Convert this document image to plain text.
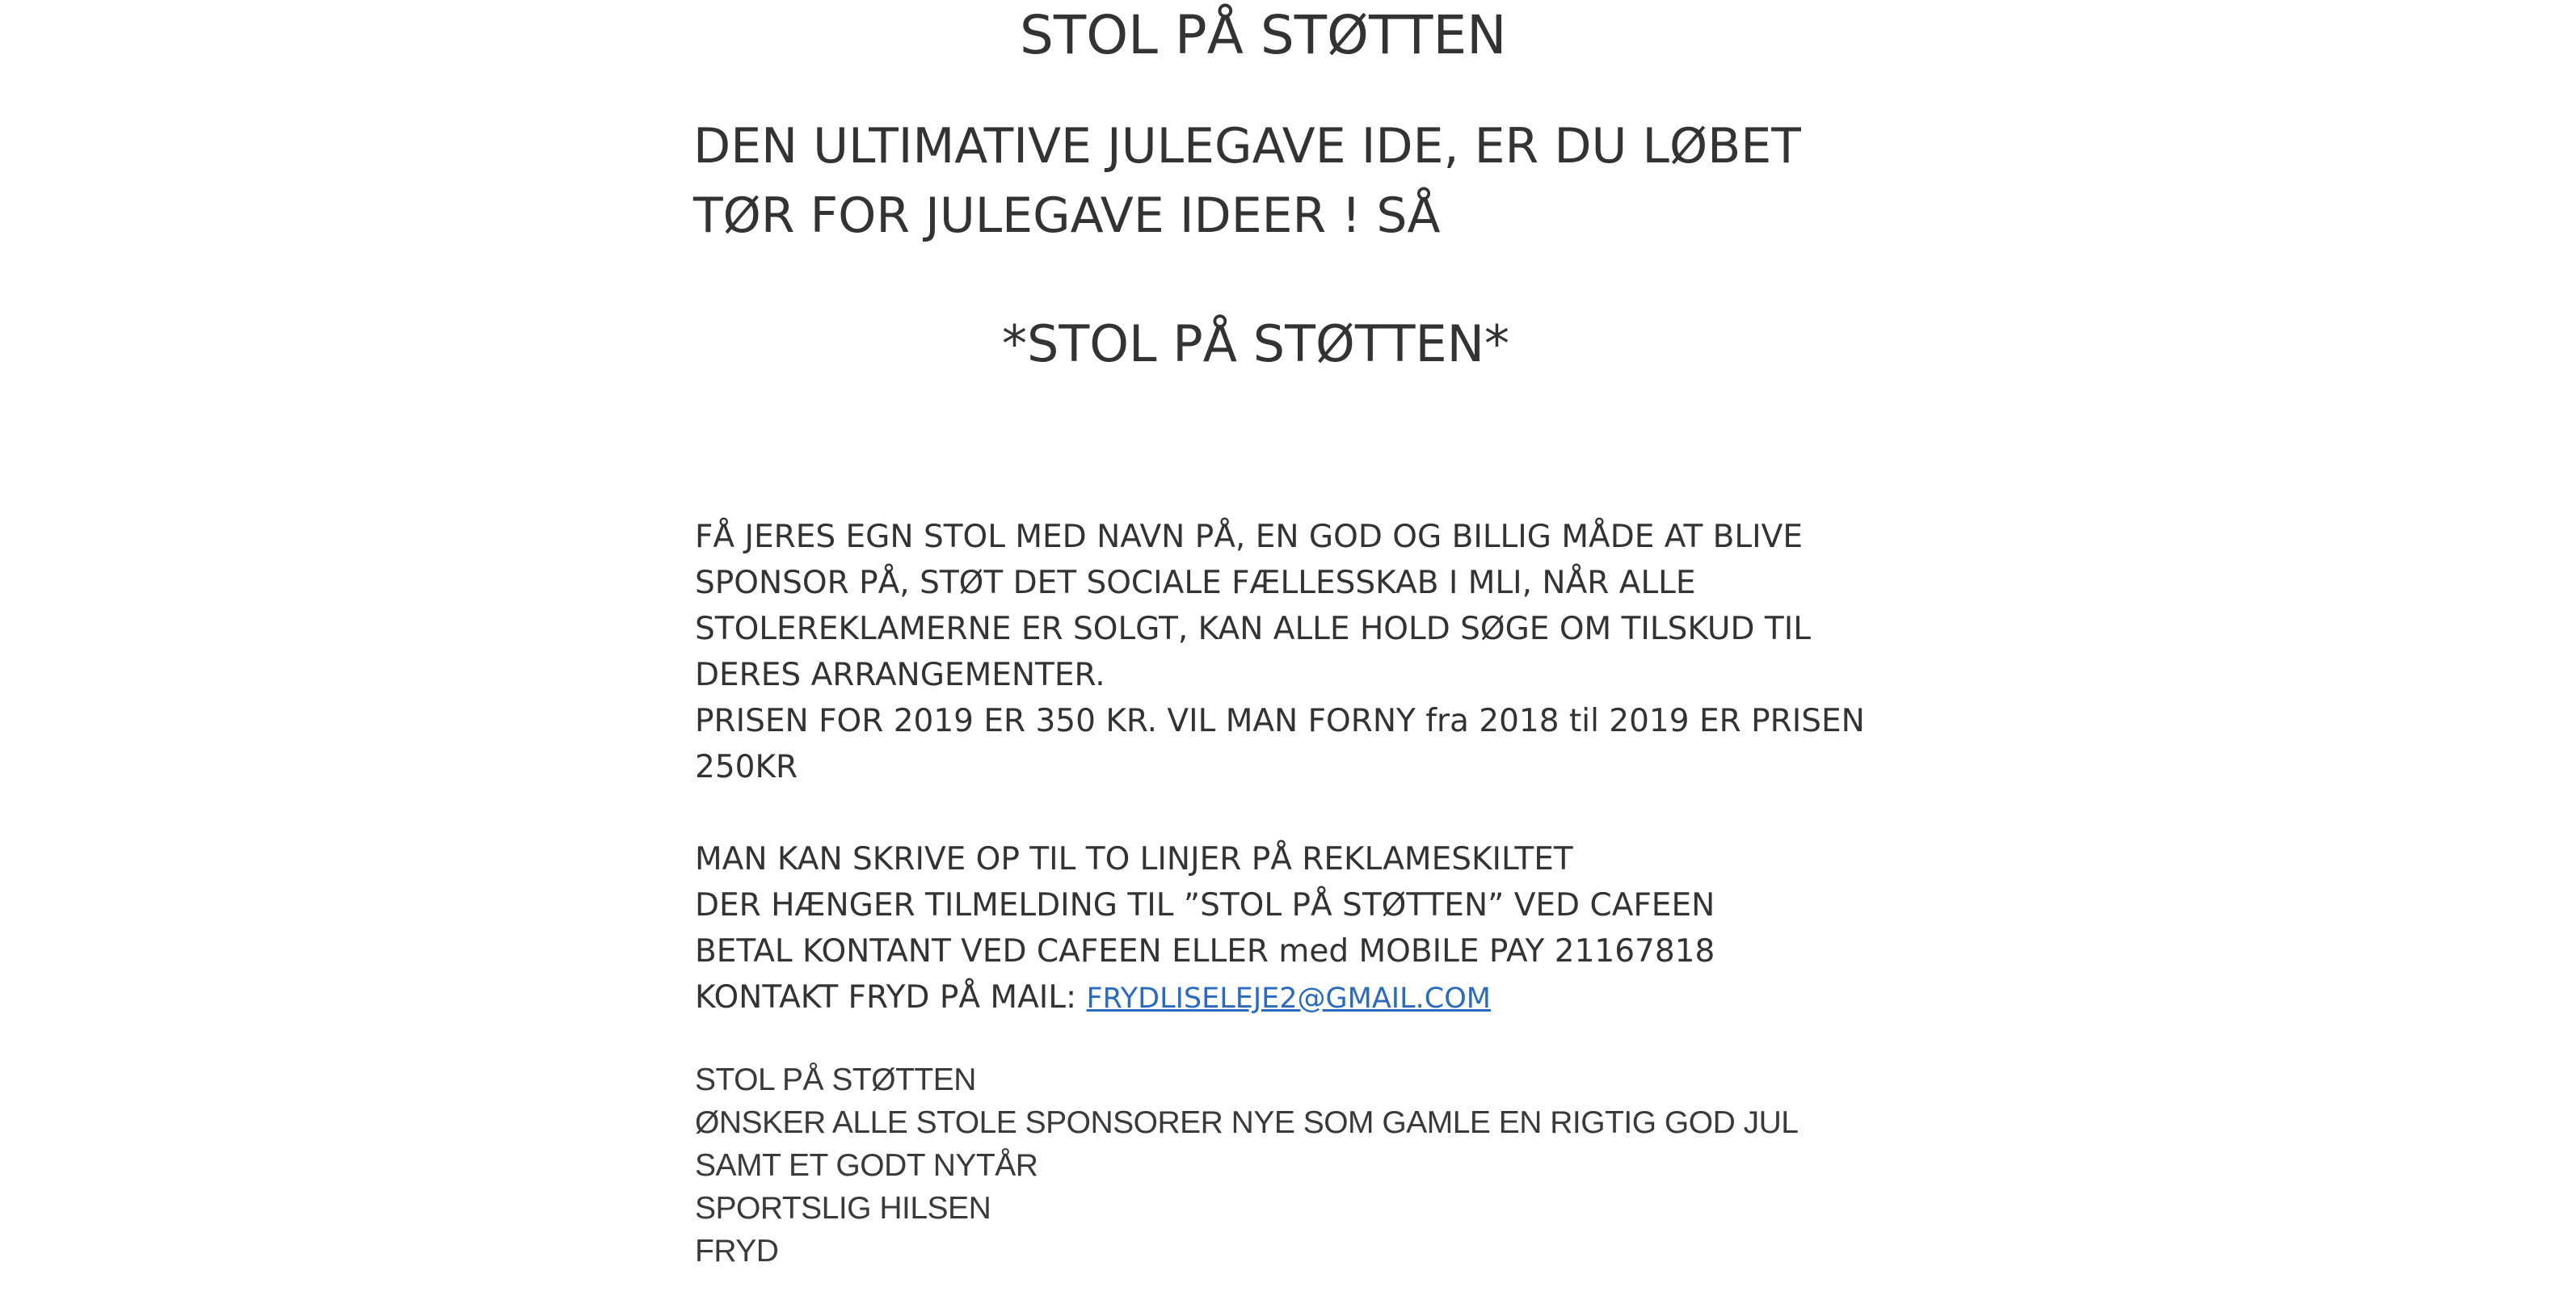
STOL PÅ STØTTEN
DEN ULTIMATIVE JULEGAVE IDE, ER DU LØBET
TØR FOR JULEGAVE IDEER ! SÅ
*STOL PÅ STØTTEN*
FÅ JERES EGN STOL MED NAVN PÅ, EN GOD OG BILLIG MÅDE AT BLIVE
SPONSOR PÅ, STØT DET SOCIALE FÆLLESSKAB I MLI, NÅR ALLE
STOLEREKLAMERNE ER SOLGT, KAN ALLE HOLD SØGE OM TILSKUD TIL
DERES ARRANGEMENTER.
PRISEN FOR 2019 ER 350 KR. VIL MAN FORNY fra 2018 til 2019 ER PRISEN
250KR
MAN KAN SKRIVE OP TIL TO LINJER PÅ REKLAMESKILTET
DER HÆNGER TILMELDING TIL ”STOL PÅ STØTTEN” VED CAFEEN
BETAL KONTANT VED CAFEEN ELLER med MOBILE PAY 21167818
KONTAKT FRYD PÅ MAIL: FRYDLISELEJE2@GMAIL.COM
STOL PÅ STØTTEN
ØNSKER ALLE STOLE SPONSORER NYE SOM GAMLE EN RIGTIG GOD JUL
SAMT ET GODT NYTÅR
SPORTSLIG HILSEN
FRYD
